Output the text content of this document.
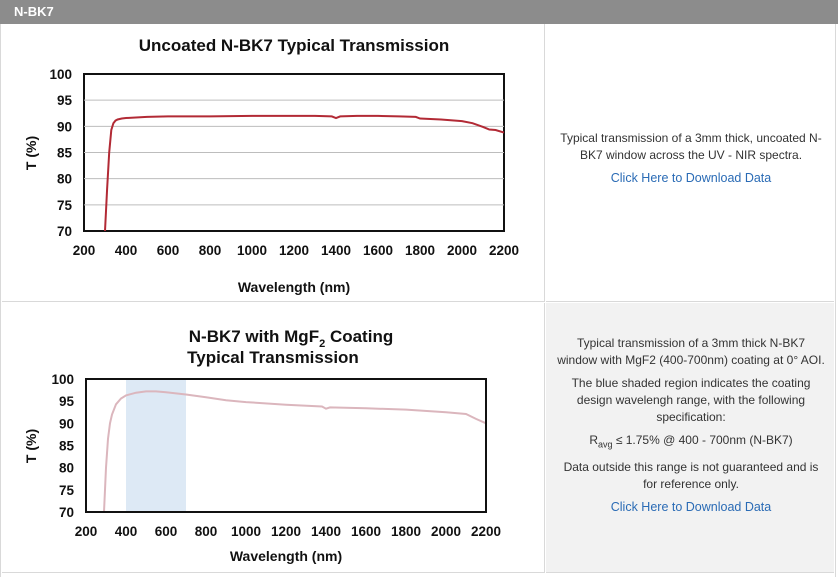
N-BK7
Uncoated N-BK7 Typical Transmission
100
95
90
85
80
75
70
200 400 600 800 1000 1200 1400 1600 1800 2000 2200
Wavelength (nm)
T (%)	Typical transmission of a 3mm thick, uncoated N-BK7 window across the UV - NIR spectra.

Click Here to Download Data

N-BK7 with MgF$_2$ Coating
Typical Transmission
100
95
90
85
80
75
70
200 400 600 800 1000 1200 1400 1600 1800 2000 2200
Wavelength (nm)
T (%)

Typical transmission of a 3mm thick N-BK7 window with MgF2 (400-700nm) coating at 0° AOI.

The blue shaded region indicates the coating design wavelengh range, with the following specification:

$R_{avg} \le 1.75\%$ @ 400 - 700nm (N-BK7)

Data outside this range is not guaranteed and is for reference only.

Click Here to Download Data
